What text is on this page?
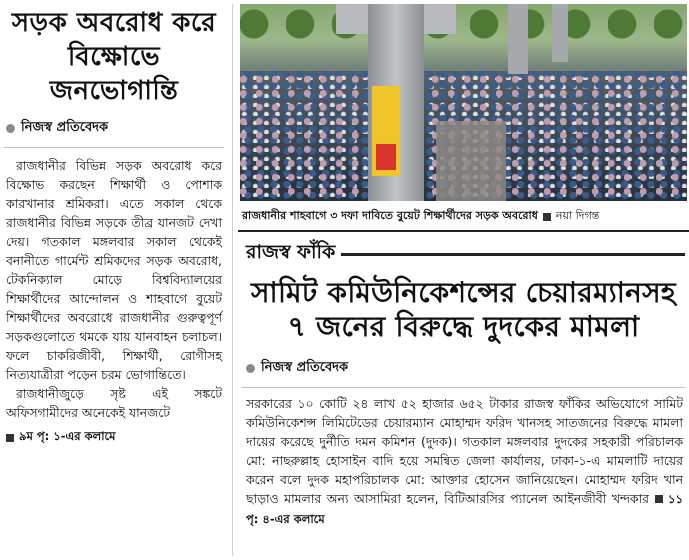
সড়ক অবরোধ করে বিক্ষোভে জনভোগান্তি
নিজস্ব প্রতিবেদক

রাজধানীর বিভিন্ন সড়ক অবরোধ করে বিক্ষোভ করছেন শিক্ষার্থী ও পোশাক কারখানার শ্রমিকরা। এতে সকাল থেকে রাজধানীর বিভিন্ন সড়কে তীব্র যানজট দেখা দেয়। গতকাল মঙ্গলবার সকাল থেকেই বনানীতে গার্মেন্ট শ্রমিকদের সড়ক অবরোধ, টেকনিক্যাল মোড়ে বিশ্ববিদ্যালয়ের শিক্ষার্থীদের আন্দোলন ও শাহবাগে বুয়েট শিক্ষার্থীদের অবরোধে রাজধানীর গুরুত্বপূর্ণ সড়কগুলোতে থমকে যায় যানবাহন চলাচল। ফলে চাকরিজীবী, শিক্ষার্থী, রোগীসহ নিত্যযাত্রীরা পড়েন চরম ভোগান্তিতে।

রাজধানীজুড়ে সৃষ্ট এই সঙ্কটে অফিসগামীদের অনেকেই যানজটে

৯ম পৃ: ১-এর কলামে
রাজধানীর শাহবাগে ৩ দফা দাবিতে বুয়েট শিক্ষার্থীদের সড়ক অবরোধ নয়া দিগন্ত
রাজস্ব ফাঁকি
সামিট কমিউনিকেশন্সের চেয়ারম্যানসহ ৭ জনের বিরুদ্ধে দুদকের মামলা
নিজস্ব প্রতিবেদক

সরকারের ১০ কোটি ২৪ লাখ ৫২ হাজার ৬৫২ টাকার রাজস্ব ফাঁকির অভিযোগে সামিট কমিউনিকেশন্স লিমিটেডের চেয়ারম্যান মোহাম্মদ ফরিদ খানসহ সাতজনের বিরুদ্ধে মামলা দায়ের করেছে দুর্নীতি দমন কমিশন (দুদক)। গতকাল মঙ্গলবার দুদকের সহকারী পরিচালক মো: নাছরুল্লাহ হোসাইন বাদি হয়ে সমন্বিত জেলা কার্যালয়, ঢাকা-১-এ মামলাটি দায়ের করেন বলে দুদক মহাপরিচালক মো: আক্তার হোসেন জানিয়েছেন। মোহাম্মদ ফরিদ খান ছাড়াও মামলার অন্য আসামিরা হলেন, বিটিআরসির প্যানেল আইনজীবী খন্দকার ১১ পৃ: ৪-এর কলামে
